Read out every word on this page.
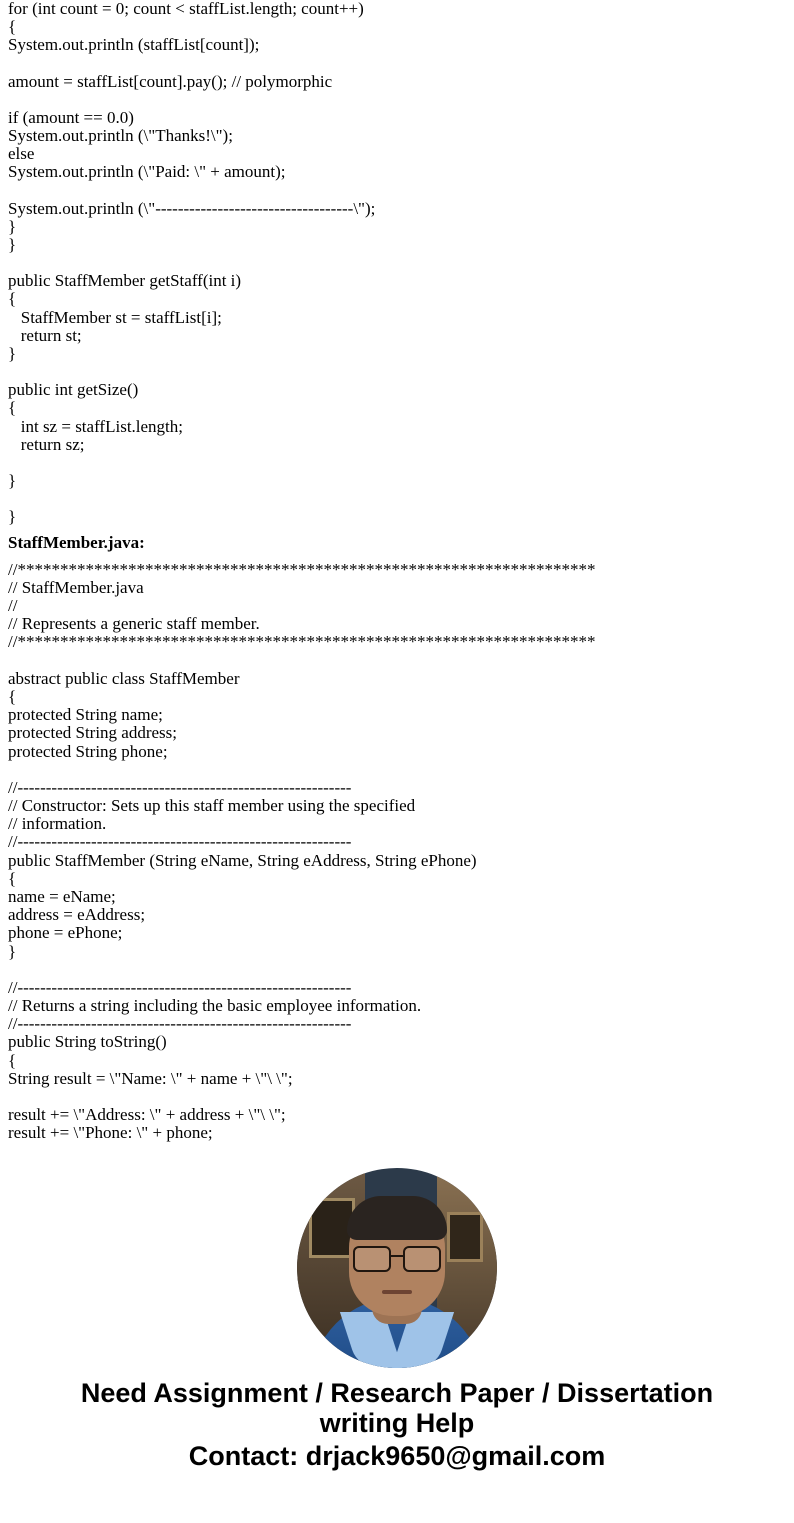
for (int count = 0; count < staffList.length; count++)
{
System.out.println (staffList[count]);
amount = staffList[count].pay(); // polymorphic
if (amount == 0.0)
System.out.println (\"Thanks!\");
else
System.out.println (\"Paid: \" + amount);
System.out.println (\"-----------------------------------\");
}
}
public StaffMember getStaff(int i)
{
StaffMember st = staffList[i];
return st;
}
public int getSize()
{
int sz = staffList.length;
return sz;
}
}
StaffMember.java:
//********************************************************************
// StaffMember.java
//
// Represents a generic staff member.
//********************************************************************
abstract public class StaffMember
{
protected String name;
protected String address;
protected String phone;
//-----------------------------------------------------------
// Constructor: Sets up this staff member using the specified
// information.
//-----------------------------------------------------------
public StaffMember (String eName, String eAddress, String ePhone)
{
name = eName;
address = eAddress;
phone = ePhone;
}
//-----------------------------------------------------------
// Returns a string including the basic employee information.
//-----------------------------------------------------------
public String toString()
{
String result = \"Name: \" + name + \"\ \";
result += \"Address: \" + address + \"\ \";
result += \"Phone: \" + phone;
Need Assignment / Research Paper / Dissertation
writing Help
Contact: drjack9650@gmail.com
